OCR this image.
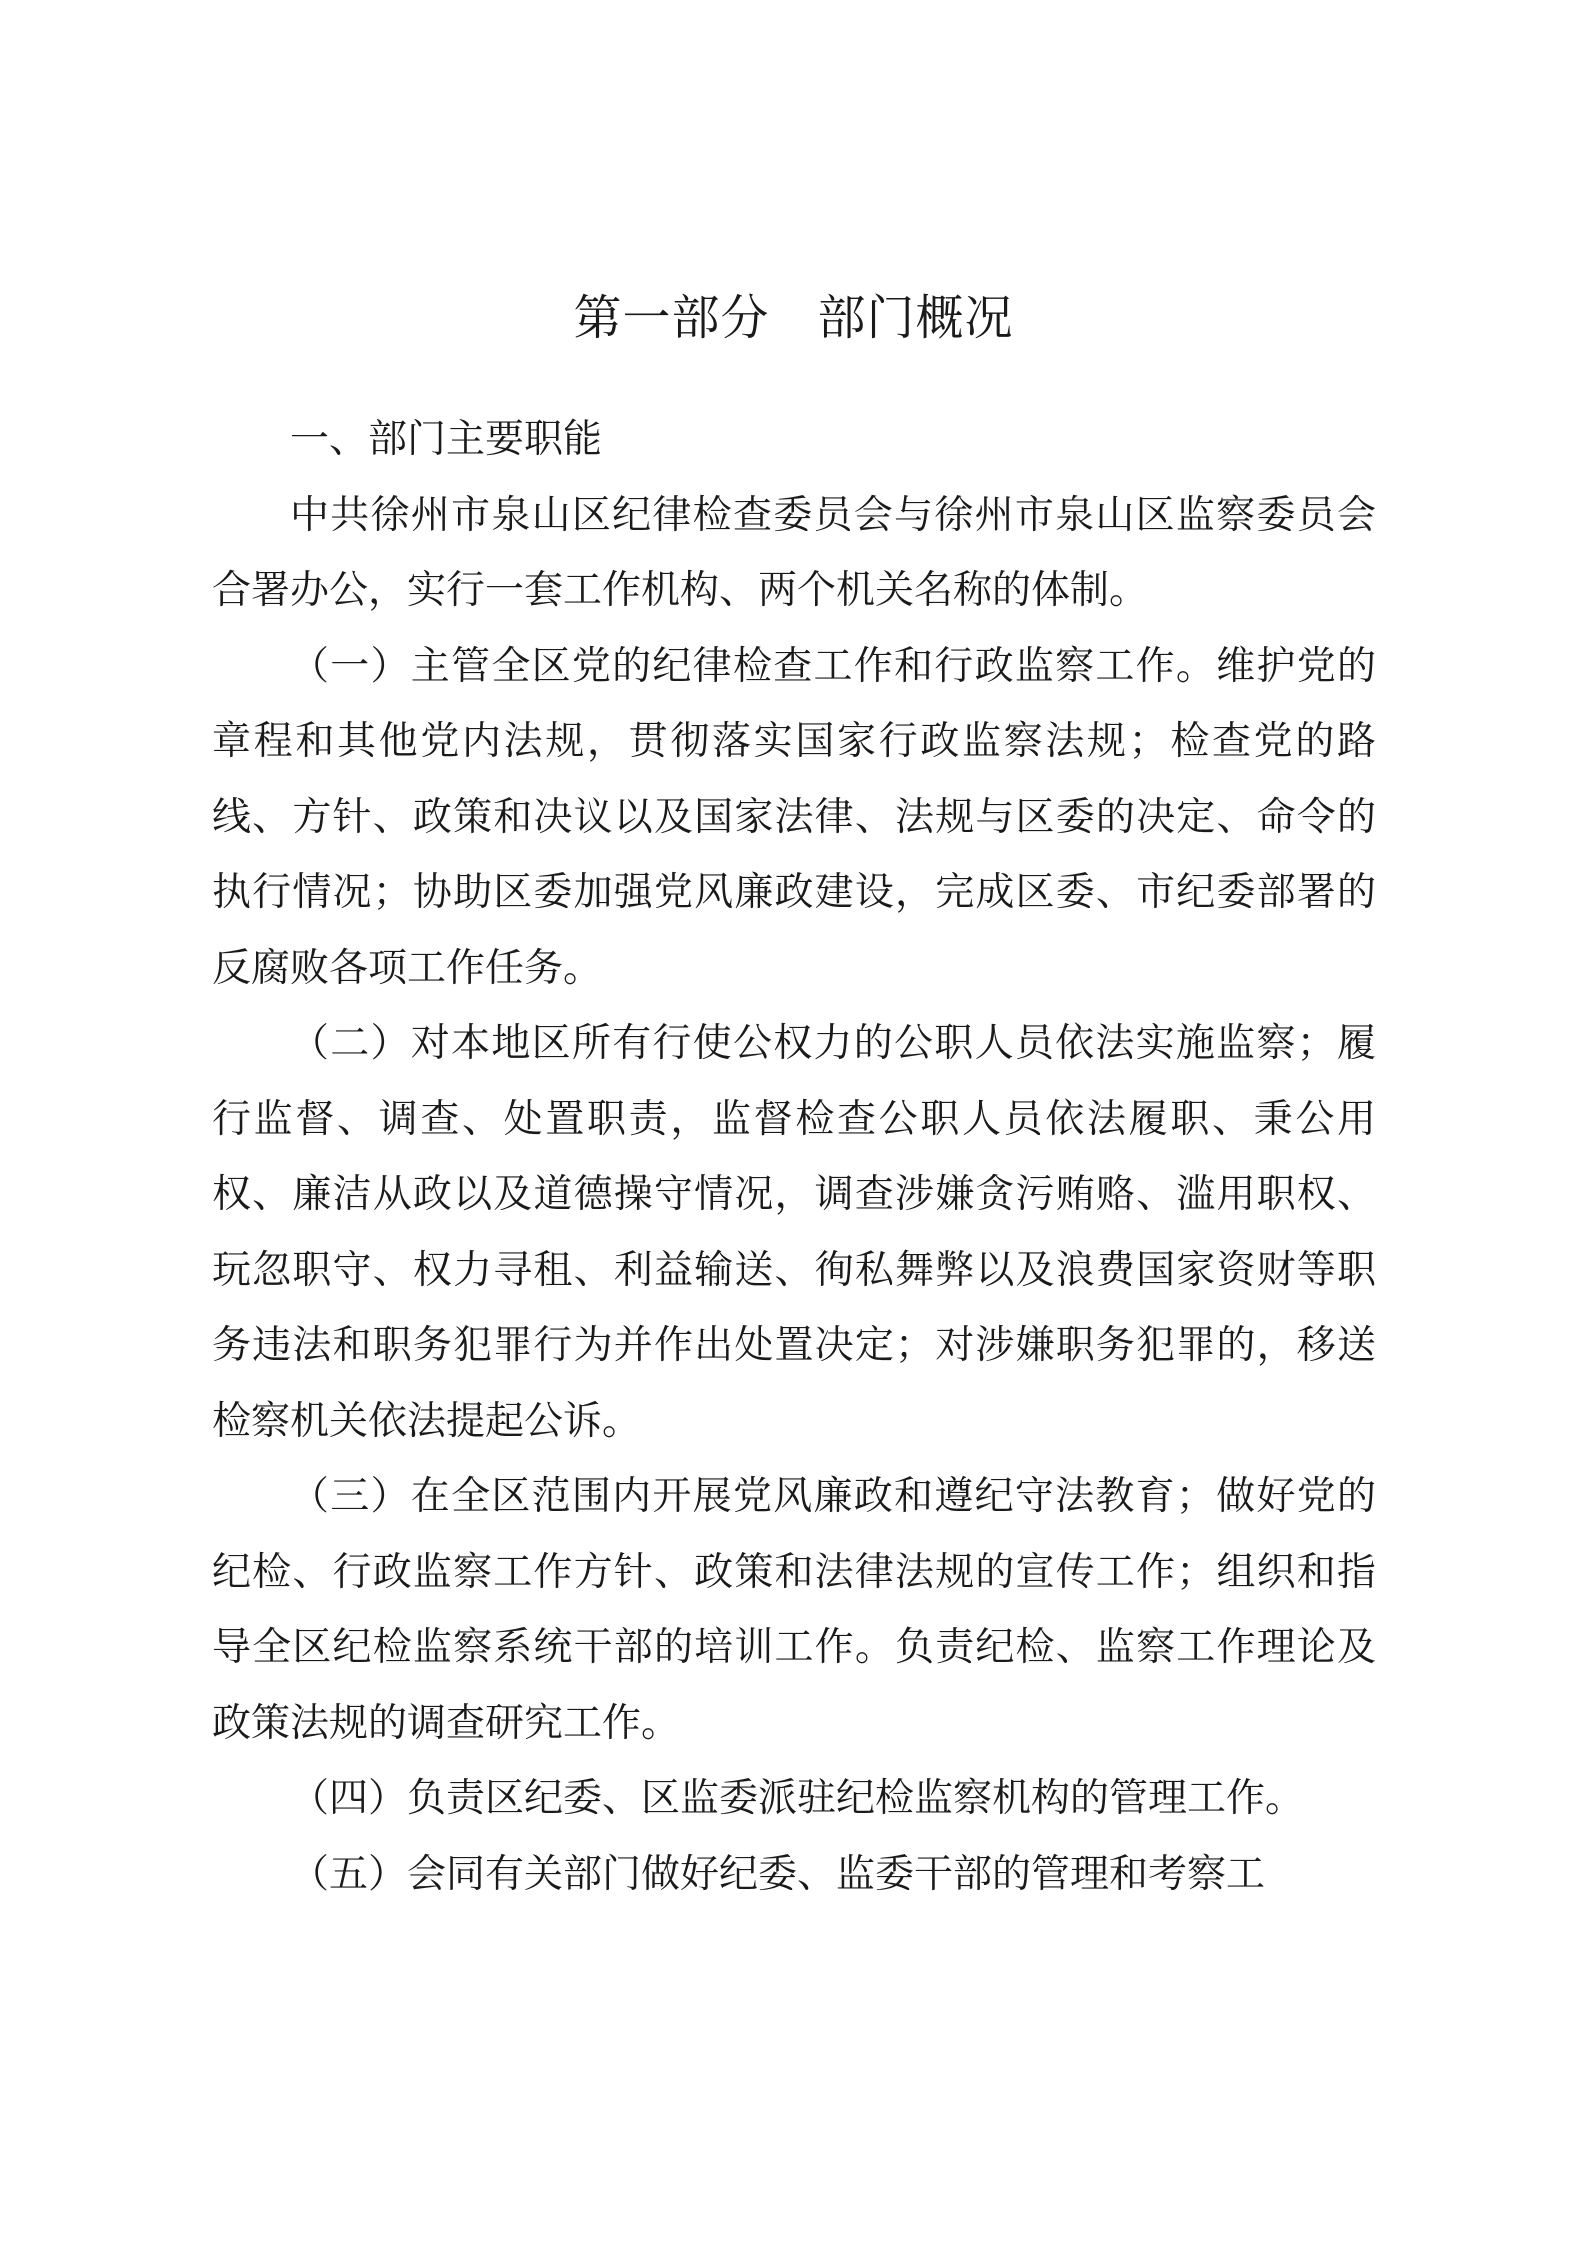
第一部分 部门概况

一、部门主要职能

中共徐州市泉山区纪律检查委员会与徐州市泉山区监察委员会合署办公，实行一套工作机构、两个机关名称的体制。

（一）主管全区党的纪律检查工作和行政监察工作。维护党的章程和其他党内法规，贯彻落实国家行政监察法规；检查党的路线、方针、政策和决议以及国家法律、法规与区委的决定、命令的执行情况；协助区委加强党风廉政建设，完成区委、市纪委部署的反腐败各项工作任务。

（二）对本地区所有行使公权力的公职人员依法实施监察；履行监督、调查、处置职责，监督检查公职人员依法履职、秉公用权、廉洁从政以及道德操守情况，调查涉嫌贪污贿赂、滥用职权、玩忽职守、权力寻租、利益输送、徇私舞弊以及浪费国家资财等职务违法和职务犯罪行为并作出处置决定；对涉嫌职务犯罪的，移送检察机关依法提起公诉。

（三）在全区范围内开展党风廉政和遵纪守法教育；做好党的纪检、行政监察工作方针、政策和法律法规的宣传工作；组织和指导全区纪检监察系统干部的培训工作。负责纪检、监察工作理论及政策法规的调查研究工作。

（四）负责区纪委、区监委派驻纪检监察机构的管理工作。

（五）会同有关部门做好纪委、监委干部的管理和考察工
